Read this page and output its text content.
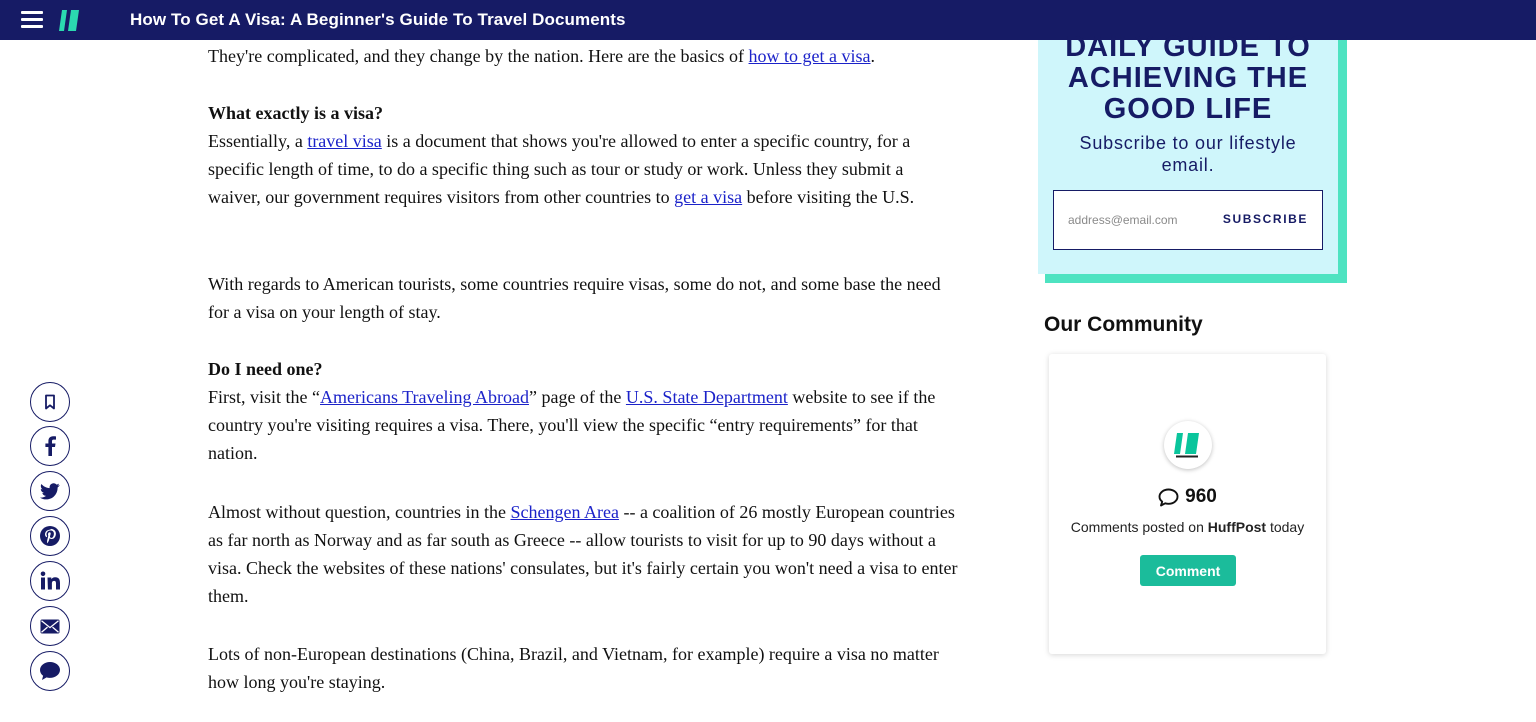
How To Get A Visa: A Beginner's Guide To Travel Documents

They're complicated, and they change by the nation. Here are the basics of how to get a visa.

What exactly is a visa?

Essentially, a travel visa is a document that shows you're allowed to enter a specific country, for a specific length of time, to do a specific thing such as tour or study or work. Unless they submit a waiver, our government requires visitors from other countries to get a visa before visiting the U.S.

With regards to American tourists, some countries require visas, some do not, and some base the need for a visa on your length of stay.

Do I need one?

First, visit the “Americans Traveling Abroad” page of the U.S. State Department website to see if the country you're visiting requires a visa. There, you'll view the specific “entry requirements” for that nation.

Almost without question, countries in the Schengen Area -- a coalition of 26 mostly European countries as far north as Norway and as far south as Greece -- allow tourists to visit for up to 90 days without a visa. Check the websites of these nations' consulates, but it's fairly certain you won't need a visa to enter them.

Lots of non-European destinations (China, Brazil, and Vietnam, for example) require a visa no matter how long you're staying.

DAILY GUIDE TO ACHIEVING THE GOOD LIFE
Subscribe to our lifestyle email.
address@email.com
SUBSCRIBE
Our Community
960
Comments posted on HuffPost today
Comment
